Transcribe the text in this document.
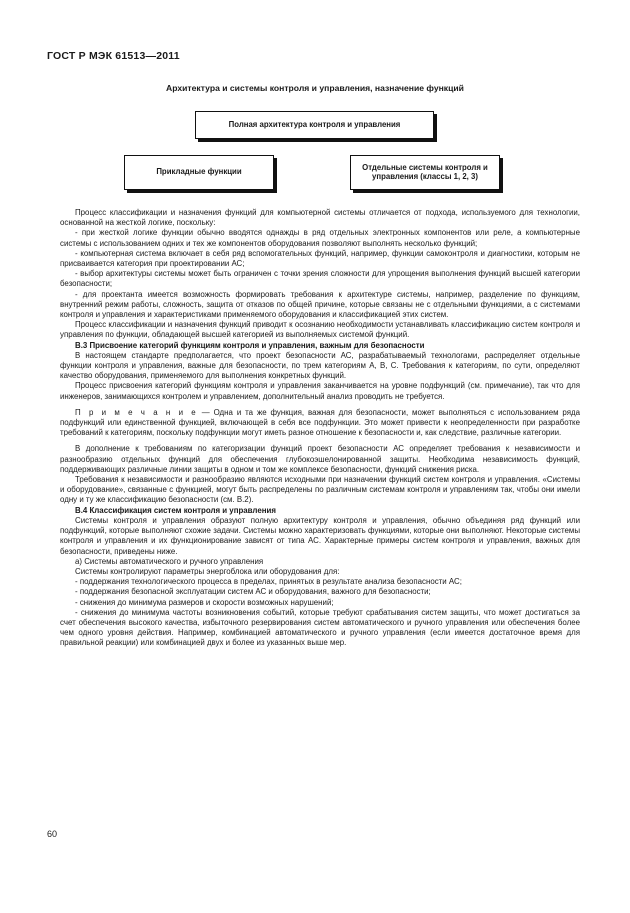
ГОСТ Р МЭК 61513—2011
Архитектура и системы контроля и управления, назначение функций
Полная архитектура контроля и управления
Прикладные функции	Отдельные системы контроля и управления (классы 1, 2, 3)

Процесс классификации и назначения функций для компьютерной системы отличается от подхода, используемого для технологии, основанной на жесткой логике, поскольку:

- при жесткой логике функции обычно вводятся однажды в ряд отдельных электронных компонентов или реле, а компьютерные системы с использованием одних и тех же компонентов оборудования позволяют выполнять несколько функций;

- компьютерная система включает в себя ряд вспомогательных функций, например, функции самоконтроля и диагностики, которым не присваивается категория при проектировании АС;

- выбор архитектуры системы может быть ограничен с точки зрения сложности для упрощения выполнения функций высшей категории безопасности;

- для проектанта имеется возможность формировать требования к архитектуре системы, например, разделение по функциям, внутренний режим работы, сложность, защита от отказов по общей причине, которые связаны не с отдельными функциями, а с системами контроля и управления и характеристиками применяемого оборудования и классификацией этих систем.

Процесс классификации и назначения функций приводит к осознанию необходимости устанавливать классификацию систем контроля и управления по функции, обладающей высшей категорией из выполняемых системой функций.

В.3 Присвоение категорий функциям контроля и управления, важным для безопасности

В настоящем стандарте предполагается, что проект безопасности АС, разрабатываемый технологами, распределяет отдельные функции контроля и управления, важные для безопасности, по трем категориям А, В, С. Требования к категориям, по сути, определяют качество оборудования, применяемого для выполнения конкретных функций.

Процесс присвоения категорий функциям контроля и управления заканчивается на уровне подфункций (см. примечание), так что для инженеров, занимающихся контролем и управлением, дополнительный анализ проводить не требуется.

П р и м е ч а н и е — Одна и та же функция, важная для безопасности, может выполняться с использованием ряда подфункций или единственной функцией, включающей в себя все подфункции. Это может привести к неопределенности при разработке требований к категориям, поскольку подфункции могут иметь разное отношение к безопасности и, как следствие, различные категории.

В дополнение к требованиям по категоризации функций проект безопасности АС определяет требования к независимости и разнообразию отдельных функций для обеспечения глубокоэшелонированной защиты. Необходима независимость функций, поддерживающих различные линии защиты в одном и том же комплексе безопасности, функций снижения риска.

Требования к независимости и разнообразию являются исходными при назначении функций систем контроля и управления. «Системы и оборудование», связанные с функцией, могут быть распределены по различным системам контроля и управлениям так, чтобы они имели одну и ту же классификацию безопасности (см. В.2).

В.4 Классификация систем контроля и управления

Системы контроля и управления образуют полную архитектуру контроля и управления, обычно объединяя ряд функций или подфункций, которые выполняют схожие задачи. Системы можно характеризовать функциями, которые они выполняют. Некоторые системы контроля и управления и их функционирование зависят от типа АС. Характерные примеры систем контроля и управления, важных для безопасности, приведены ниже.

а) Системы автоматического и ручного управления

Системы контролируют параметры энергоблока или оборудования для:

- поддержания технологического процесса в пределах, принятых в результате анализа безопасности АС;

- поддержания безопасной эксплуатации систем АС и оборудования, важного для безопасности;

- снижения до минимума размеров и скорости возможных нарушений;

- снижения до минимума частоты возникновения событий, которые требуют срабатывания систем защиты, что может достигаться за счет обеспечения высокого качества, избыточного резервирования систем автоматического и ручного управления или обеспечения более чем одного уровня действия. Например, комбинацией автоматического и ручного управления (если имеется достаточное время для правильной реакции) или комбинацией двух и более из указанных выше мер.

60
